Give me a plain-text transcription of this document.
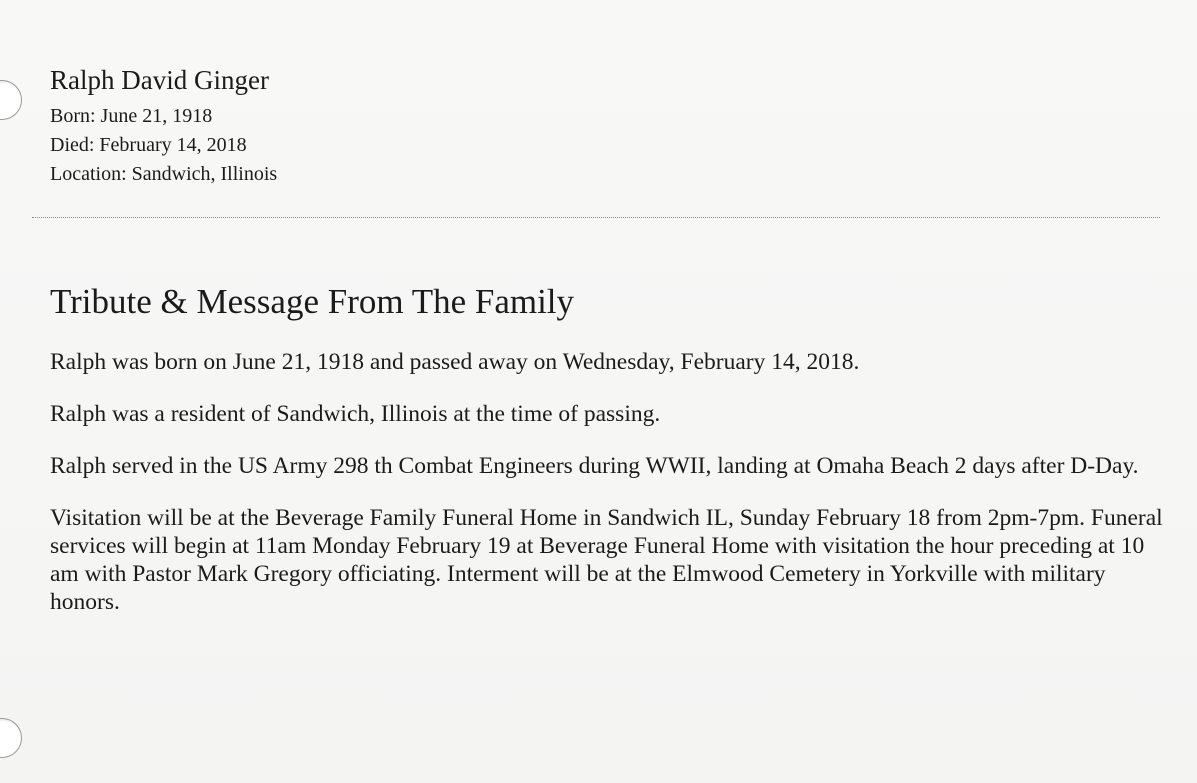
Ralph David Ginger

Born: June 21, 1918

Died: February 14, 2018

Location: Sandwich, Illinois

Tribute & Message From The Family

Ralph was born on June 21, 1918 and passed away on Wednesday, February 14, 2018.

Ralph was a resident of Sandwich, Illinois at the time of passing.

Ralph served in the US Army 298 th Combat Engineers during WWII, landing at Omaha Beach 2 days after D-Day.

Visitation will be at the Beverage Family Funeral Home in Sandwich IL, Sunday February 18 from 2pm-7pm. Funeral services will begin at 11am Monday February 19 at Beverage Funeral Home with visitation the hour preceding at 10 am with Pastor Mark Gregory officiating. Interment will be at the Elmwood Cemetery in Yorkville with military honors.
